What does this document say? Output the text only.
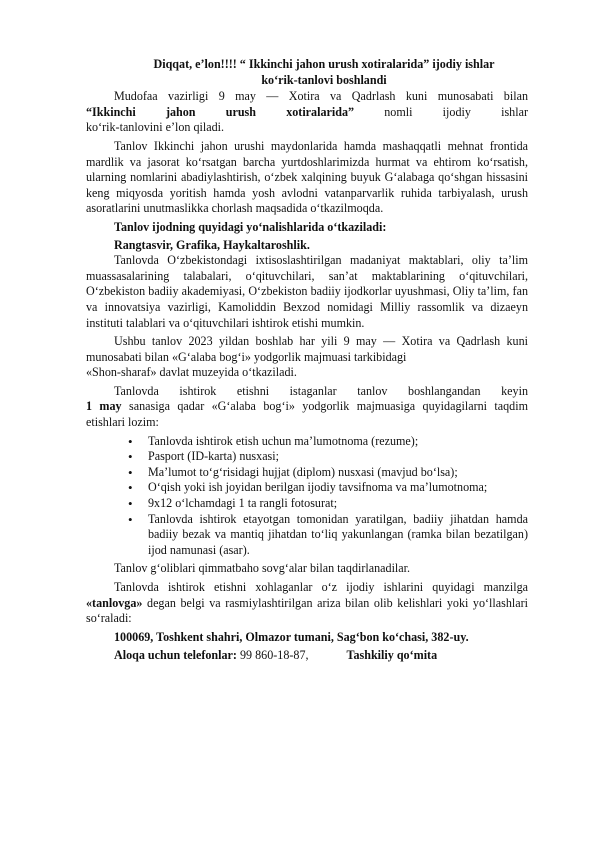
Diqqat, e’lon!!!! “ Ikkinchi jahon urush xotiralarida” ijodiy ishlar
ko‘rik-tanlovi boshlandi

Mudofaa vazirligi 9 may — Xotira va Qadrlash kuni munosabati bilan

“Ikkinchi jahon urush xotiralarida” nomli ijodiy ishlar

ko‘rik-tanlovini e’lon qiladi.

Tanlov Ikkinchi jahon urushi maydonlarida hamda mashaqqatli mehnat frontida mardlik va jasorat ko‘rsatgan barcha yurtdoshlarimizda hurmat va ehtirom ko‘rsatish, ularning nomlarini abadiylashtirish, o‘zbek xalqining buyuk G‘alabaga qo‘shgan hissasini keng miqyosda yoritish hamda yosh avlodni vatanparvarlik ruhida tarbiyalash, urush asoratlarini unutmaslikka chorlash maqsadida o‘tkazilmoqda.

Tanlov ijodning quyidagi yo‘nalishlarida o‘tkaziladi:

Rangtasvir, Grafika, Haykaltaroshlik.

Tanlovda O‘zbekistondagi ixtisoslashtirilgan madaniyat maktablari, oliy ta’lim muassasalarining talabalari, o‘qituvchilari, san’at maktablarining o‘qituvchilari, O‘zbekiston badiiy akademiyasi, O‘zbekiston badiiy ijodkorlar uyushmasi, Oliy ta’lim, fan va innovatsiya vazirligi, Kamoliddin Bexzod nomidagi Milliy rassomlik va dizaeyn instituti talablari va o‘qituvchilari ishtirok etishi mumkin.

Ushbu tanlov 2023 yildan boshlab har yili 9 may — Xotira va Qadrlash kuni munosabati bilan «G‘alaba bog‘i» yodgorlik majmuasi tarkibidagi

«Shon-sharaf» davlat muzeyida o‘tkaziladi.

Tanlovda ishtirok etishni istaganlar tanlov boshlangandan keyin

1 may sanasiga qadar «G‘alaba bog‘i» yodgorlik majmuasiga quyidagilarni taqdim etishlari lozim:

• Tanlovda ishtirok etish uchun ma’lumotnoma (rezume);
• Pasport (ID-karta) nusxasi;
• Ma’lumot to‘g‘risidagi hujjat (diplom) nusxasi (mavjud bo‘lsa);
• O‘qish yoki ish joyidan berilgan ijodiy tavsifnoma va ma’lumotnoma;
• 9x12 o‘lchamdagi 1 ta rangli fotosurat;
• Tanlovda ishtirok etayotgan tomonidan yaratilgan, badiiy jihatdan hamda badiiy bezak va mantiq jihatdan to‘liq yakunlangan (ramka bilan bezatilgan) ijod namunasi (asar).

Tanlov g‘oliblari qimmatbaho sovg‘alar bilan taqdirlanadilar.

Tanlovda ishtirok etishni xohlaganlar o‘z ijodiy ishlarini quyidagi manzilga «tanlovga» degan belgi va rasmiylashtirilgan ariza bilan olib kelishlari yoki yo‘llashlari so‘raladi:

100069, Toshkent shahri, Olmazor tumani, Sag‘bon ko‘chasi, 382-uy.

Aloqa uchun telefonlar: 99 860-18-87,	Tashkiliy qo‘mita
